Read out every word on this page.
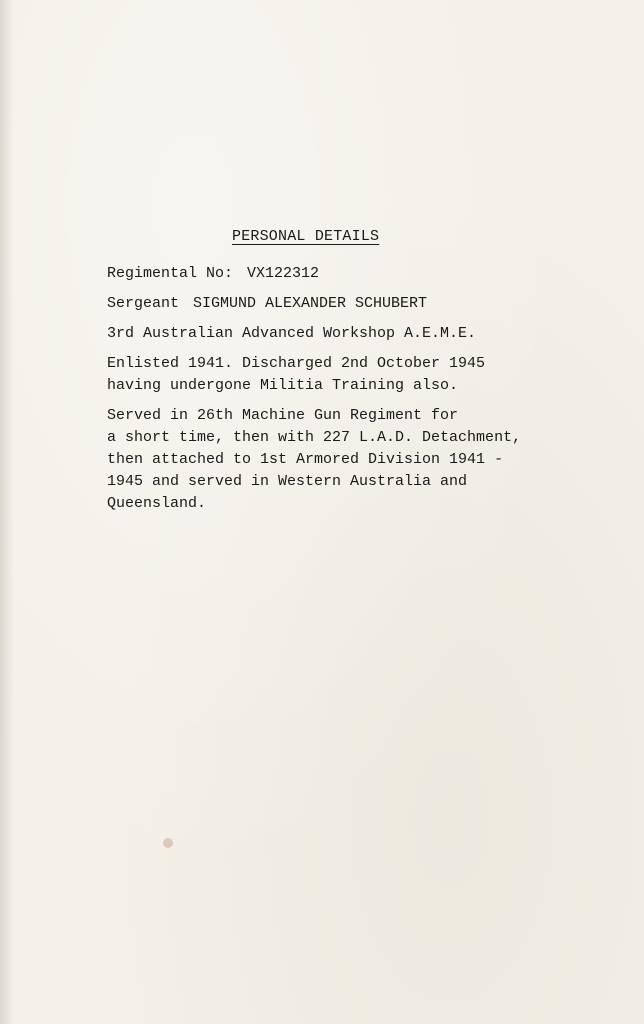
PERSONAL DETAILS
Regimental No: VX122312
Sergeant SIGMUND ALEXANDER SCHUBERT
3rd Australian Advanced Workshop A.E.M.E.
Enlisted 1941. Discharged 2nd October 1945
having undergone Militia Training also.
Served in 26th Machine Gun Regiment for
a short time, then with 227 L.A.D. Detachment,
then attached to 1st Armored Division 1941 -
1945 and served in Western Australia and
Queensland.
